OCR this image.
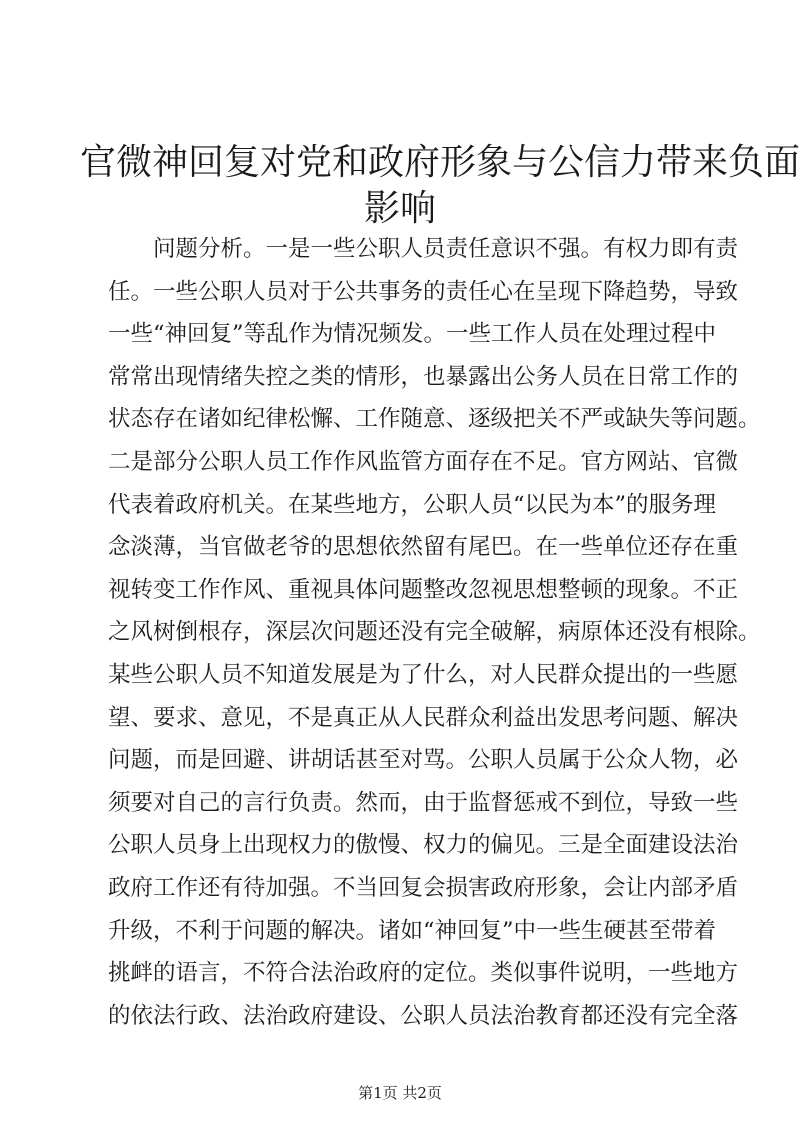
官微神回复对党和政府形象与公信力带来负面
影响
问题分析。一是一些公职人员责任意识不强。有权力即有责
任。一些公职人员对于公共事务的责任心在呈现下降趋势，导致
一些“神回复”等乱作为情况频发。一些工作人员在处理过程中
常常出现情绪失控之类的情形，也暴露出公务人员在日常工作的
状态存在诸如纪律松懈、工作随意、逐级把关不严或缺失等问题。
二是部分公职人员工作作风监管方面存在不足。官方网站、官微
代表着政府机关。在某些地方，公职人员“以民为本”的服务理
念淡薄，当官做老爷的思想依然留有尾巴。在一些单位还存在重
视转变工作作风、重视具体问题整改忽视思想整顿的现象。不正
之风树倒根存，深层次问题还没有完全破解，病原体还没有根除。
某些公职人员不知道发展是为了什么，对人民群众提出的一些愿
望、要求、意见，不是真正从人民群众利益出发思考问题、解决
问题，而是回避、讲胡话甚至对骂。公职人员属于公众人物，必
须要对自己的言行负责。然而，由于监督惩戒不到位，导致一些
公职人员身上出现权力的傲慢、权力的偏见。三是全面建设法治
政府工作还有待加强。不当回复会损害政府形象，会让内部矛盾
升级，不利于问题的解决。诸如“神回复”中一些生硬甚至带着
挑衅的语言，不符合法治政府的定位。类似事件说明，一些地方
的依法行政、法治政府建设、公职人员法治教育都还没有完全落
第1页 共2页
